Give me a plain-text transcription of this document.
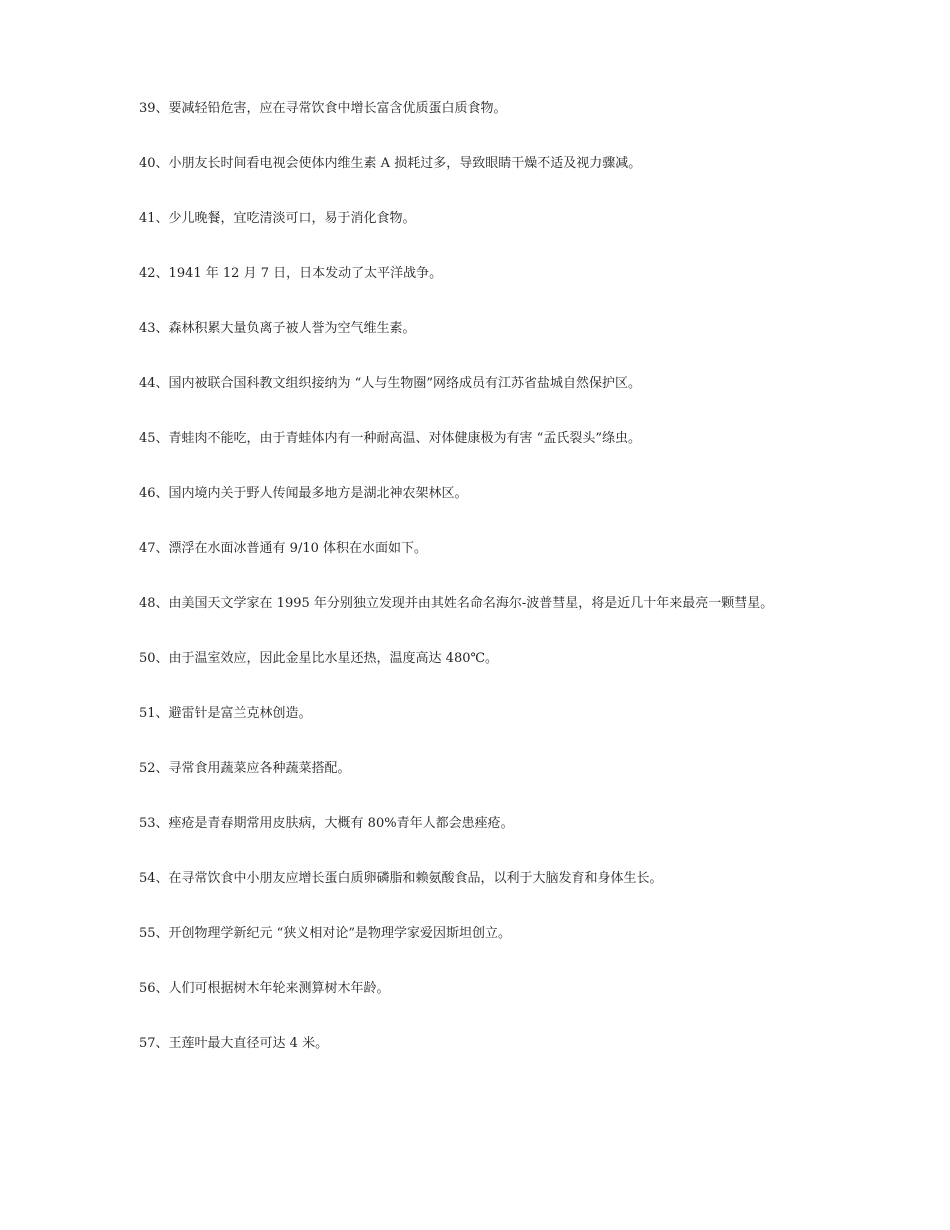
39、要减轻铅危害，应在寻常饮食中增长富含优质蛋白质食物。
40、小朋友长时间看电视会使体内维生素 A 损耗过多，导致眼睛干燥不适及视力骤减。
41、少儿晚餐，宜吃清淡可口，易于消化食物。
42、1941 年 12 月 7 日，日本发动了太平洋战争。
43、森林积累大量负离子被人誉为空气维生素。
44、国内被联合国科教文组织接纳为 “人与生物圈”网络成员有江苏省盐城自然保护区。
45、青蛙肉不能吃，由于青蛙体内有一种耐高温、对体健康极为有害 “孟氏裂头”绦虫。
46、国内境内关于野人传闻最多地方是湖北神农架林区。
47、漂浮在水面冰普通有 9/10 体积在水面如下。
48、由美国天文学家在 1995 年分别独立发现并由其姓名命名海尔-波普彗星，将是近几十年来最亮一颗彗星。
50、由于温室效应，因此金星比水星还热，温度高达 480℃。
51、避雷针是富兰克林创造。
52、寻常食用蔬菜应各种蔬菜搭配。
53、痤疮是青春期常用皮肤病，大概有 80%青年人都会患痤疮。
54、在寻常饮食中小朋友应增长蛋白质卵磷脂和赖氨酸食品，以利于大脑发育和身体生长。
55、开创物理学新纪元 “狭义相对论”是物理学家爱因斯坦创立。
56、人们可根据树木年轮来测算树木年龄。
57、王莲叶最大直径可达 4 米。
